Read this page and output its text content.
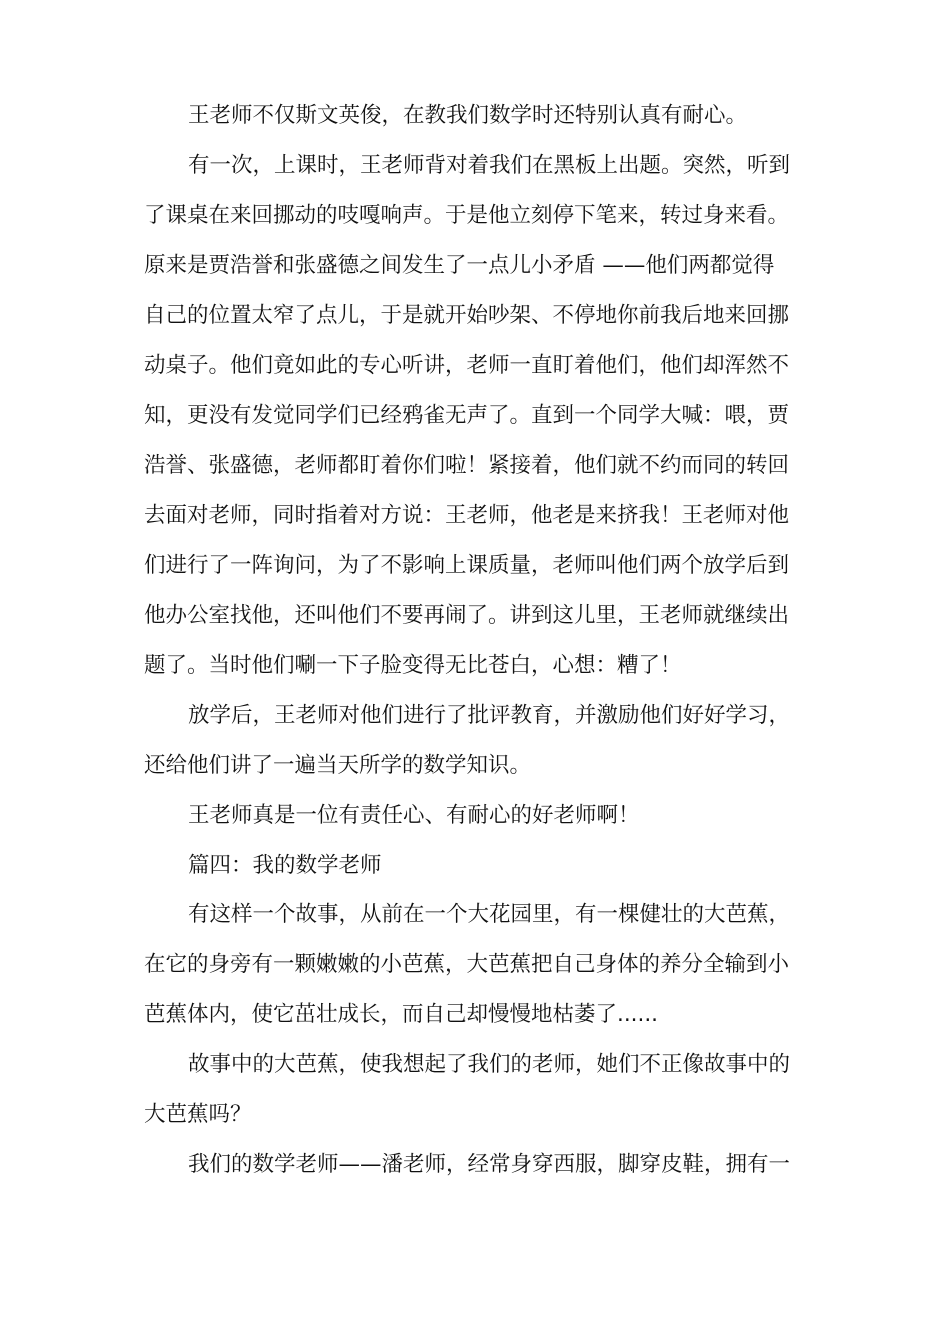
王老师不仅斯文英俊，在教我们数学时还特别认真有耐心。
有一次，上课时，王老师背对着我们在黑板上出题。突然，听到
了课桌在来回挪动的吱嘎响声。于是他立刻停下笔来，转过身来看。
原来是贾浩誉和张盛德之间发生了一点儿小矛盾 ——他们两都觉得
自己的位置太窄了点儿，于是就开始吵架、不停地你前我后地来回挪
动桌子。他们竟如此的专心听讲，老师一直盯着他们，他们却浑然不
知，更没有发觉同学们已经鸦雀无声了。直到一个同学大喊：喂，贾
浩誉、张盛德，老师都盯着你们啦！紧接着，他们就不约而同的转回
去面对老师，同时指着对方说：王老师，他老是来挤我！王老师对他
们进行了一阵询问，为了不影响上课质量，老师叫他们两个放学后到
他办公室找他，还叫他们不要再闹了。讲到这儿里，王老师就继续出
题了。当时他们唰一下子脸变得无比苍白，心想：糟了！
放学后，王老师对他们进行了批评教育，并激励他们好好学习，
还给他们讲了一遍当天所学的数学知识。
王老师真是一位有责任心、有耐心的好老师啊！
篇四：我的数学老师
有这样一个故事，从前在一个大花园里，有一棵健壮的大芭蕉，
在它的身旁有一颗嫩嫩的小芭蕉，大芭蕉把自己身体的养分全输到小
芭蕉体内，使它茁壮成长，而自己却慢慢地枯萎了......
故事中的大芭蕉，使我想起了我们的老师，她们不正像故事中的
大芭蕉吗？
我们的数学老师——潘老师，经常身穿西服，脚穿皮鞋，拥有一
